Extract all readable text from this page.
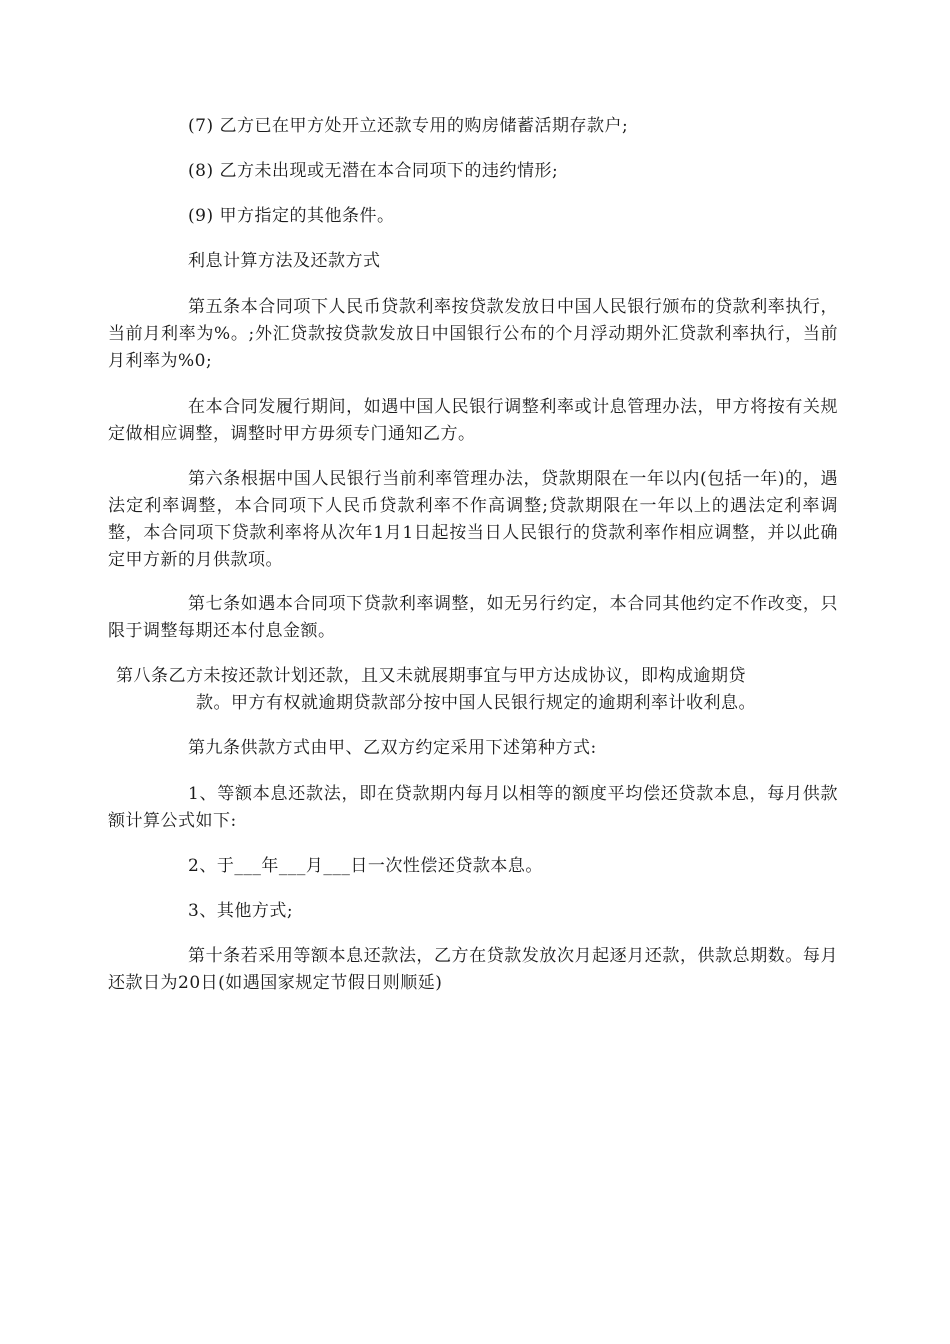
(7) 乙方已在甲方处开立还款专用的购房储蓄活期存款户;

(8) 乙方未出现或无潜在本合同项下的违约情形;

(9) 甲方指定的其他条件。

利息计算方法及还款方式

第五条本合同项下人民币贷款利率按贷款发放日中国人民银行颁布的贷款利率执行，当前月利率为%。;外汇贷款按贷款发放日中国银行公布的个月浮动期外汇贷款利率执行，当前月利率为%0;

在本合同发履行期间，如遇中国人民银行调整利率或计息管理办法，甲方将按有关规定做相应调整，调整时甲方毋须专门通知乙方。

第六条根据中国人民银行当前利率管理办法，贷款期限在一年以内(包括一年)的，遇法定利率调整，本合同项下人民币贷款利率不作高调整;贷款期限在一年以上的遇法定利率调整，本合同项下贷款利率将从次年1月1日起按当日人民银行的贷款利率作相应调整，并以此确定甲方新的月供款项。

第七条如遇本合同项下贷款利率调整，如无另行约定，本合同其他约定不作改变，只限于调整每期还本付息金额。

第八条乙方未按还款计划还款，且又未就展期事宜与甲方达成协议，即构成逾期贷
款。甲方有权就逾期贷款部分按中国人民银行规定的逾期利率计收利息。

第九条供款方式由甲、乙双方约定采用下述第种方式:

1、等额本息还款法，即在贷款期内每月以相等的额度平均偿还贷款本息，每月供款额计算公式如下:

2、于___年___月___日一次性偿还贷款本息。

3、其他方式;

第十条若采用等额本息还款法，乙方在贷款发放次月起逐月还款，供款总期数。每月还款日为20日(如遇国家规定节假日则顺延)
